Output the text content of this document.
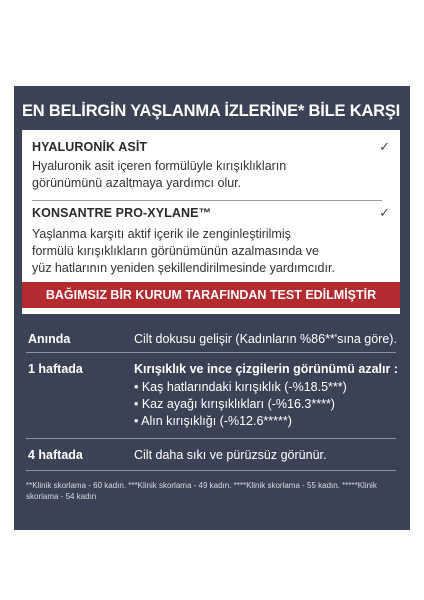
EN BELİRGİN YAŞLANMA İZLERİNE* BİLE KARŞI
HYALURONİK ASİT	✓
Hyaluronik asit içeren formülüyle kırışıklıkların
görünümünü azaltmaya yardımcı olur.
KONSANTRE PRO-XYLANE™	✓
Yaşlanma karşıtı aktif içerik ile zenginleştirilmiş
formülü kırışıklıkların görünümünün azalmasında ve
yüz hatlarının yeniden şekillendirilmesinde yardımcıdır.
BAĞIMSIZ BİR KURUM TARAFINDAN TEST EDİLMİŞTİR
Anında	Cilt dokusu gelişir (Kadınların %86**'sına göre).
1 haftada	Kırışıklık ve ince çizgilerin görünümü azalır :
• Kaş hatlarındaki kırışıklık (-%18.5***)
• Kaz ayağı kırışıklıkları (-%16.3****)
• Alın kırışıklığı (-%12.6*****)
4 haftada	Cilt daha sıkı ve pürüzsüz görünür.
**Klinik skorlama - 60 kadın. ***Klinik skorlama - 49 kadın. ****Klinik skorlama - 55 kadın. *****Klinik skorlama - 54 kadın
